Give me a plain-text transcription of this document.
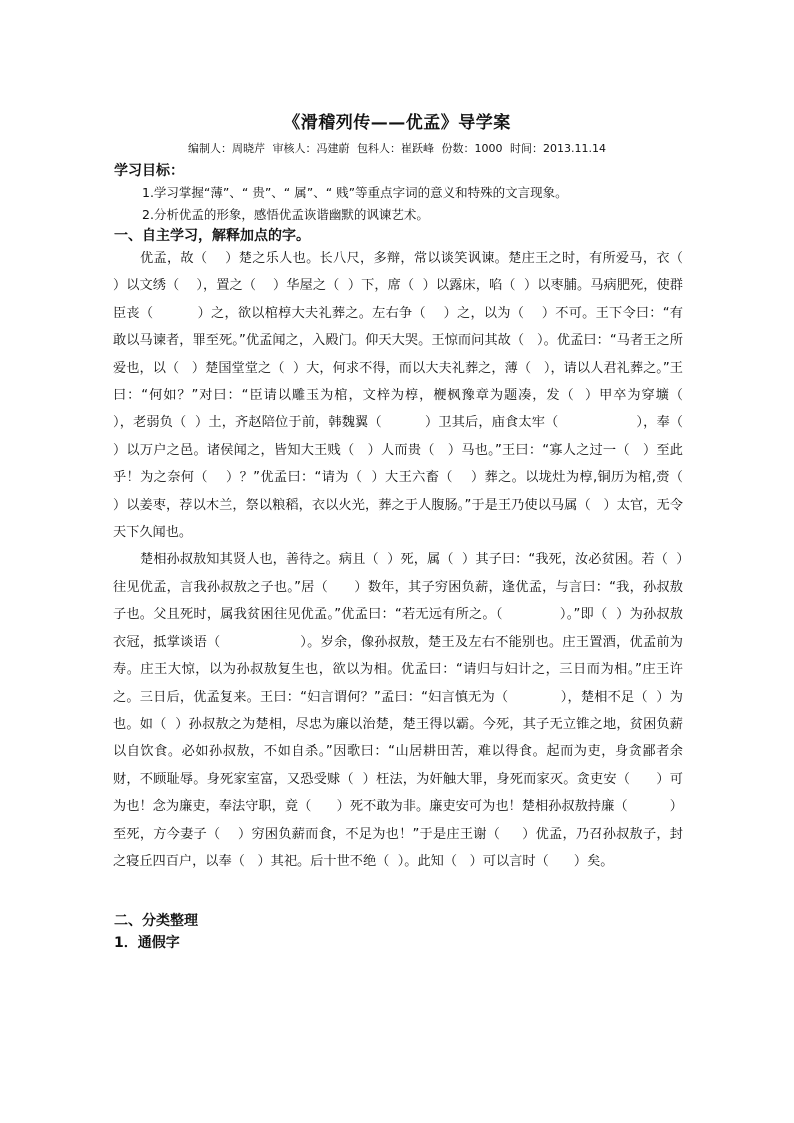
《滑稽列传——优孟》导学案
编制人：周晓芹 审核人：冯建蔚 包科人：崔跃峰 份数：1000 时间：2013.11.14
学习目标：
1.学习掌握“薄”、“ 贵”、“ 属”、“ 贱”等重点字词的意义和特殊的文言现象。
2.分析优孟的形象，感悟优孟诙谐幽默的讽谏艺术。
一、自主学习，解释加点的字。

优孟，故（    ）楚之乐人也。长八尺，多辩，常以谈笑讽谏。楚庄王之时，有所爱马，衣（    ）以文绣（    ），置之（    ）华屋之（  ）下，席（  ）以露床，啗（  ）以枣脯。马病肥死，使群臣丧（          ）之，欲以棺椁大夫礼葬之。左右争（    ）之，以为（    ）不可。王下令曰：“有敢以马谏者，罪至死。”优孟闻之，入殿门。仰天大哭。王惊而问其故（   ）。优孟曰：“马者王之所爱也，以（   ）楚国堂堂之（  ）大，何求不得，而以大夫礼葬之，薄（   ），请以人君礼葬之。”王曰：“何如？”对曰：“臣请以雕玉为棺，文梓为椁，楩枫豫章为题凑，发（  ）甲卒为穿壙（          ），老弱负（  ）土，齐赵陪位于前，韩魏翼（          ）卫其后，庙食太牢（                  ），奉（  ）以万户之邑。诸侯闻之，皆知大王贱（   ）人而贵（   ）马也。”王曰：“寡人之过一（   ）至此乎！为之奈何（    ）？”优孟曰：“请为（  ）大王六畜（    ）葬之。以垅灶为椁,铜历为棺,赍（        ）以姜枣，荐以木兰，祭以粮稻，衣以火光，葬之于人腹肠。”于是王乃使以马属（   ）太官，无令天下久闻也。

楚相孙叔敖知其贤人也，善待之。病且（  ）死，属（  ）其子曰：“我死，汝必贫困。若（  ）往见优孟，言我孙叔敖之子也。”居（      ）数年，其子穷困负薪，逢优孟，与言曰：“我，孙叔敖子也。父且死时，属我贫困往见优孟。”优孟曰：“若无远有所之。（             ）。”即（  ）为孙叔敖衣冠，抵掌谈语（                  ）。岁余，像孙叔敖，楚王及左右不能别也。庄王置酒，优孟前为寿。庄王大惊，以为孙叔敖复生也，欲以为相。优孟曰：“请归与妇计之，三日而为相。”庄王许之。三日后，优孟复来。王曰：“妇言谓何？”孟曰：“妇言慎无为（            ），楚相不足（  ）为也。如（  ）孙叔敖之为楚相，尽忠为廉以治楚，楚王得以霸。今死，其子无立锥之地，贫困负薪以自饮食。必如孙叔敖，不如自杀。”因歌曰：“山居耕田苦，难以得食。起而为吏，身贪鄙者余财，不顾耻辱。身死家室富，又恐受赇（  ）枉法，为奸触大罪，身死而家灭。贪吏安（      ）可为也！念为廉吏，奉法守职，竟（      ）死不敢为非。廉吏安可为也！楚相孙叔敖持廉（          ）至死，方今妻子（    ）穷困负薪而食，不足为也！”于是庄王谢（     ）优孟，乃召孙叔敖子，封之寝丘四百户，以奉（   ）其祀。后十世不绝（  ）。此知（   ）可以言时（      ）矣。

二、分类整理
1．通假字
